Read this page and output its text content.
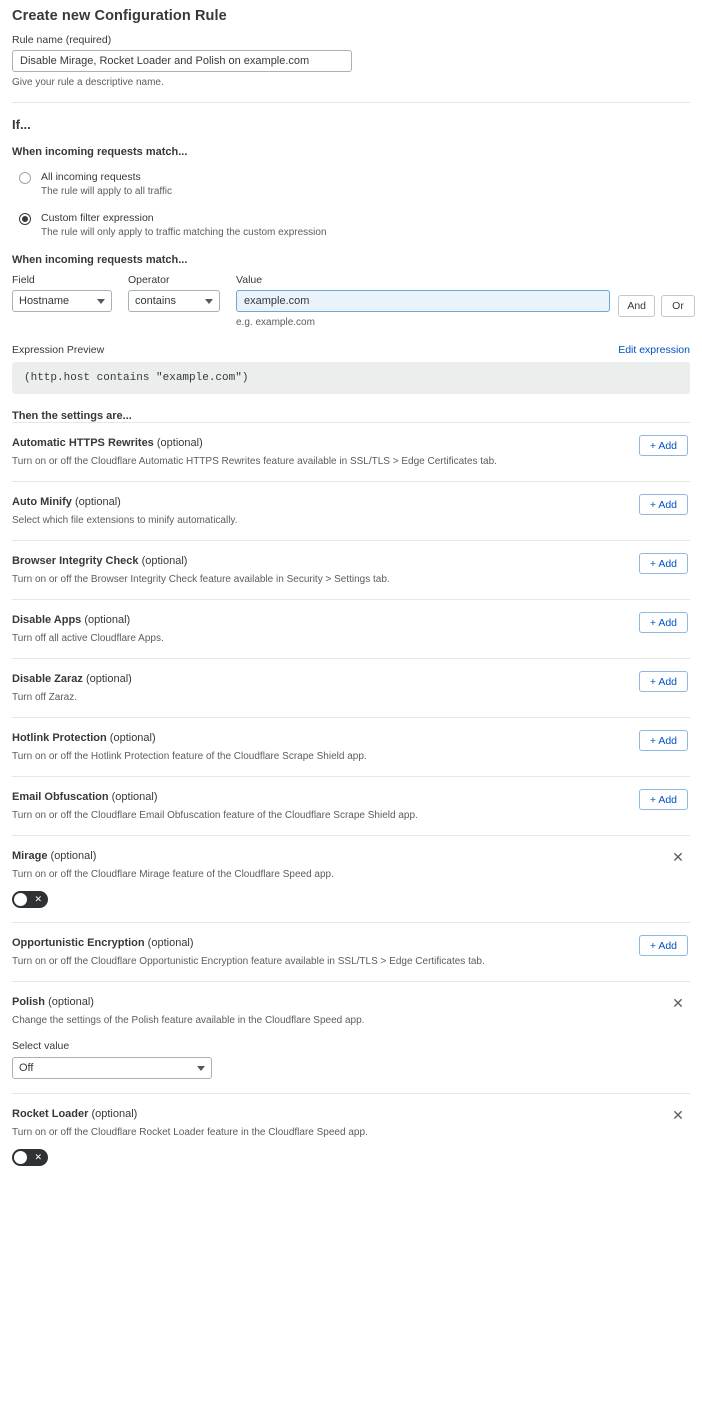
Create new Configuration Rule
Rule name (required)
Disable Mirage, Rocket Loader and Polish on example.com
Give your rule a descriptive name.
If...
When incoming requests match...
All incoming requests
The rule will apply to all traffic
Custom filter expression
The rule will only apply to traffic matching the custom expression
When incoming requests match...
Field
Hostname
Operator
contains
Value
example.com
e.g. example.com
And	Or
Expression Preview	Edit expression
(http.host contains "example.com")
Then the settings are...
Automatic HTTPS Rewrites (optional)
Turn on or off the Cloudflare Automatic HTTPS Rewrites feature available in SSL/TLS > Edge Certificates tab.
+ Add
Auto Minify (optional)
Select which file extensions to minify automatically.
+ Add
Browser Integrity Check (optional)
Turn on or off the Browser Integrity Check feature available in Security > Settings tab.
+ Add
Disable Apps (optional)
Turn off all active Cloudflare Apps.
+ Add
Disable Zaraz (optional)
Turn off Zaraz.
+ Add
Hotlink Protection (optional)
Turn on or off the Hotlink Protection feature of the Cloudflare Scrape Shield app.
+ Add
Email Obfuscation (optional)
Turn on or off the Cloudflare Email Obfuscation feature of the Cloudflare Scrape Shield app.
+ Add
Mirage (optional)
Turn on or off the Cloudflare Mirage feature of the Cloudflare Speed app.
✕
✕
Opportunistic Encryption (optional)
Turn on or off the Cloudflare Opportunistic Encryption feature available in SSL/TLS > Edge Certificates tab.
+ Add
Polish (optional)
Change the settings of the Polish feature available in the Cloudflare Speed app.
✕
Select value
Off
Rocket Loader (optional)
Turn on or off the Cloudflare Rocket Loader feature in the Cloudflare Speed app.
✕
✕
